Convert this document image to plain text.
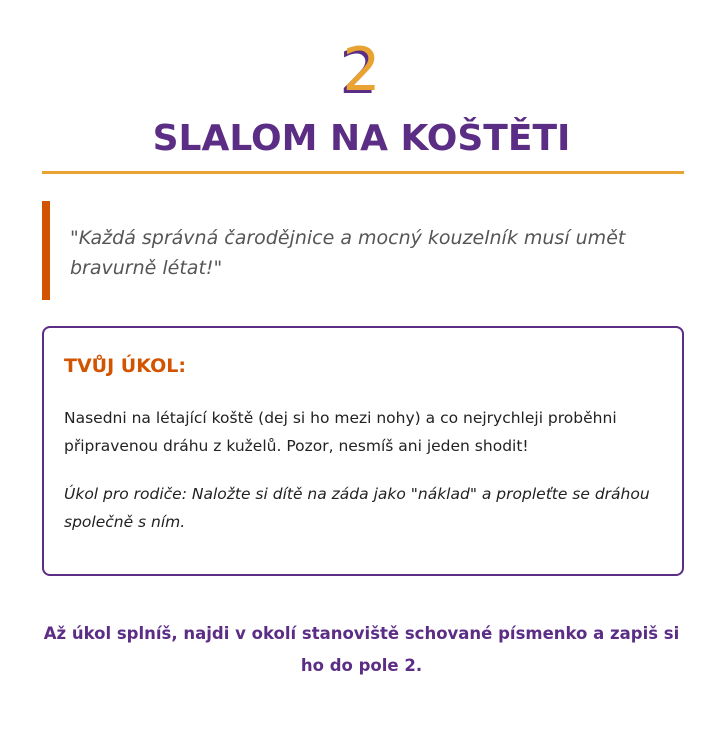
2
SLALOM NA KOŠTĚTI
"Každá správná čarodějnice a mocný kouzelník musí umět bravurně létat!"
TVŮJ ÚKOL:
Nasedni na létající koště (dej si ho mezi nohy) a co nejrychleji proběhni připravenou dráhu z kuželů. Pozor, nesmíš ani jeden shodit!
Úkol pro rodiče: Naložte si dítě na záda jako "náklad" a propleťte se dráhou společně s ním.
Až úkol splníš, najdi v okolí stanoviště schované písmenko a zapiš si ho do pole 2.
